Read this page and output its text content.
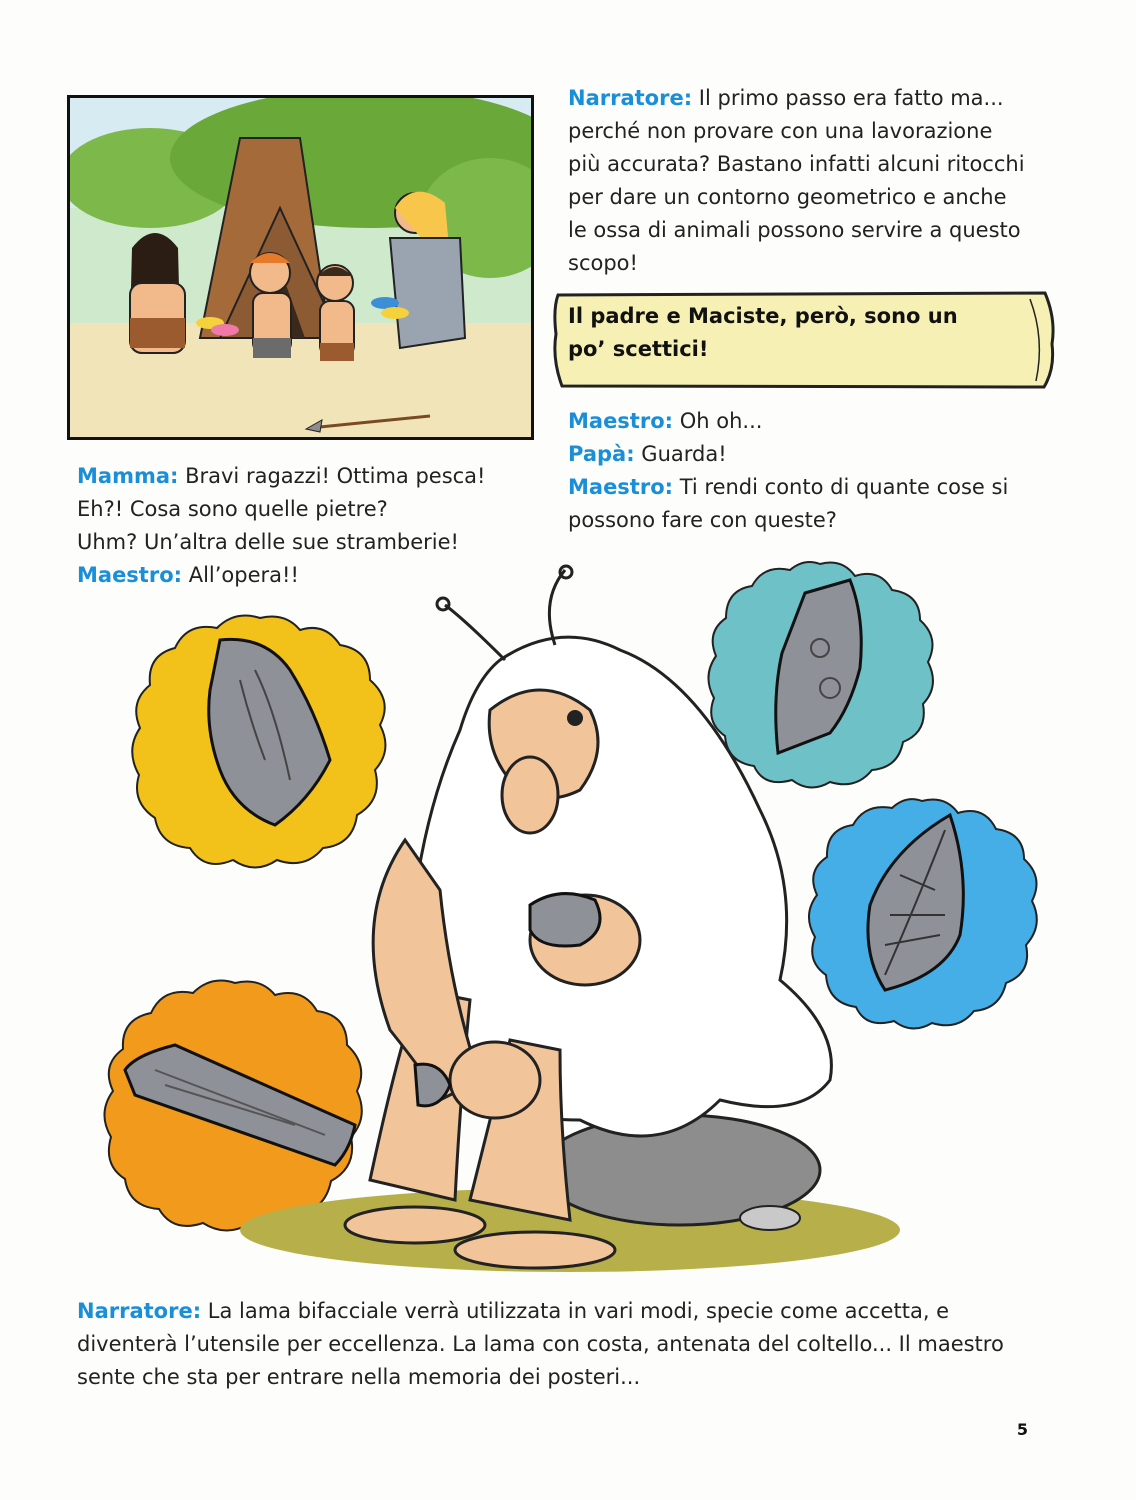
Narratore: Il primo passo era fatto ma...
perché non provare con una lavorazione
più accurata? Bastano infatti alcuni ritocchi
per dare un contorno geometrico e anche
le ossa di animali possono servire a questo
scopo!
Il padre e Maciste, però, sono un
po’ scettici!
Maestro: Oh oh...
Papà: Guarda!
Maestro: Ti rendi conto di quante cose si
possono fare con queste?
Mamma: Bravi ragazzi! Ottima pesca!
Eh?! Cosa sono quelle pietre?
Uhm? Un’altra delle sue stramberie!
Maestro: All’opera!!
Narratore: La lama bifacciale verrà utilizzata in vari modi, specie come accetta, e
diventerà l’utensile per eccellenza. La lama con costa, antenata del coltello... Il maestro
sente che sta per entrare nella memoria dei posteri...
5
